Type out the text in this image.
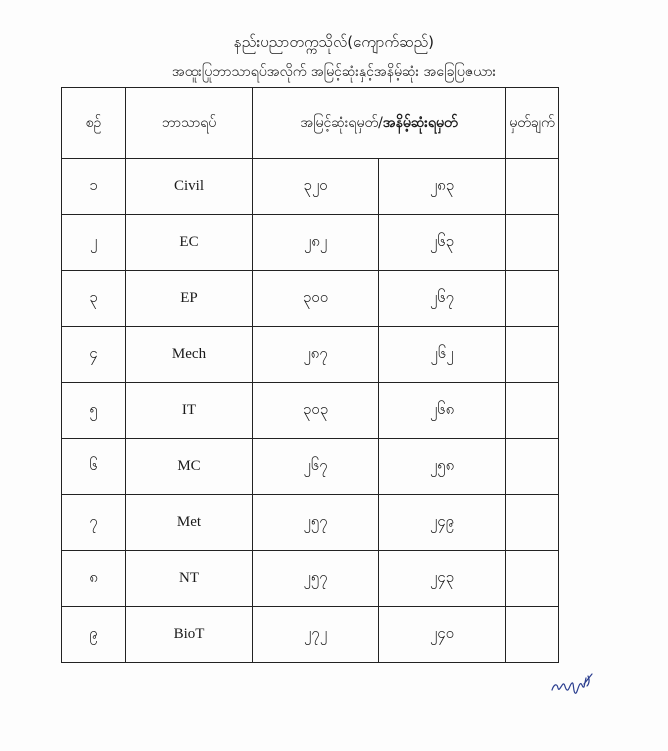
နည်းပညာတက္ကသိုလ်(ကျောက်ဆည်)
အထူးပြုဘာသာရပ်အလိုက် အမြင့်ဆုံးနှင့်အနိမ့်ဆုံး အခြေပြဇယား
စဉ်	ဘာသာရပ်	အမြင့်ဆုံးရမှတ်/အနိမ့်ဆုံးရမှတ်		မှတ်ချက်
၁	Civil	၃၂၀	၂၈၃	
၂	EC	၂၈၂	၂၆၃	
၃	EP	၃၀၀	၂၆၇	
၄	Mech	၂၈၇	၂၆၂	
၅	IT	၃၀၃	၂၆၈	
၆	MC	၂၆၇	၂၅၈	
၇	Met	၂၅၇	၂၄၉	
၈	NT	၂၅၇	၂၄၃	
၉	BioT	၂၇၂	၂၄၀	
